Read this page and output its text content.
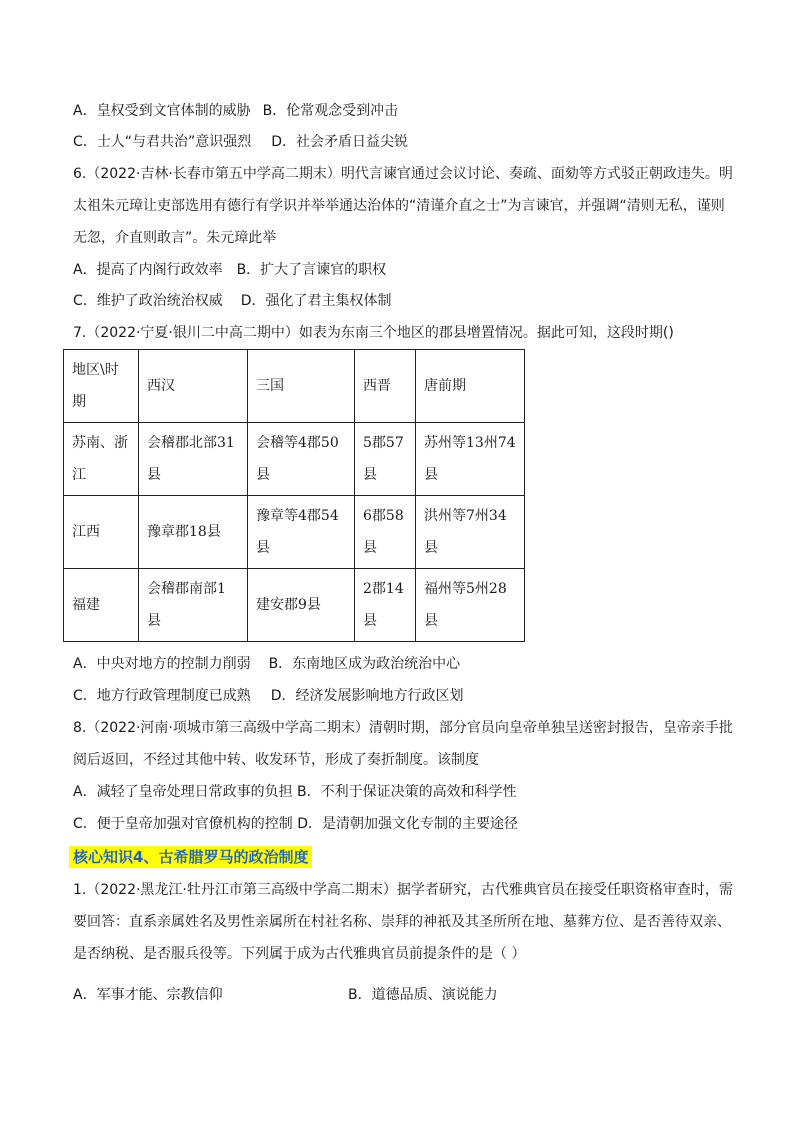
A．皇权受到文官体制的威胁 B．伦常观念受到冲击
C．士人“与君共治”意识强烈 D．社会矛盾日益尖锐
6.（2022·吉林·长春市第五中学高二期末）明代言谏官通过会议讨论、奏疏、面劾等方式驳正朝政违失。明
太祖朱元璋让吏部选用有德行有学识并举举通达治体的“清谨介直之士”为言谏官，并强调“清则无私，谨则
无忽，介直则敢言”。朱元璋此举
A．提高了内阁行政效率 B．扩大了言谏官的职权
C．维护了政治统治权威 D．强化了君主集权体制
7.（2022·宁夏·银川二中高二期中）如表为东南三个地区的郡县增置情况。据此可知，这段时期()
地区\时期	西汉	三国	西晋	唐前期
苏南、浙江	会稽郡北部31县	会稽等4郡50县	5郡57县	苏州等13州74县
江西	豫章郡18县	豫章等4郡54县	6郡58县	洪州等7州34县
福建	会稽郡南部1县	建安郡9县	2郡14县	福州等5州28县
A．中央对地方的控制力削弱 B．东南地区成为政治统治中心
C．地方行政管理制度已成熟 D．经济发展影响地方行政区划
8.（2022·河南·项城市第三高级中学高二期末）清朝时期，部分官员向皇帝单独呈送密封报告，皇帝亲手批
阅后返回，不经过其他中转、收发环节，形成了奏折制度。该制度
A．减轻了皇帝处理日常政事的负担 B．不利于保证决策的高效和科学性
C．便于皇帝加强对官僚机构的控制 D．是清朝加强文化专制的主要途径
核心知识4、古希腊罗马的政治制度
1.（2022·黑龙江·牡丹江市第三高级中学高二期末）据学者研究，古代雅典官员在接受任职资格审查时，需
要回答：直系亲属姓名及男性亲属所在村社名称、崇拜的神祇及其圣所所在地、墓葬方位、是否善待双亲、
是否纳税、是否服兵役等。下列属于成为古代雅典官员前提条件的是（ ）
A．军事才能、宗教信仰	B．道德品质、演说能力
